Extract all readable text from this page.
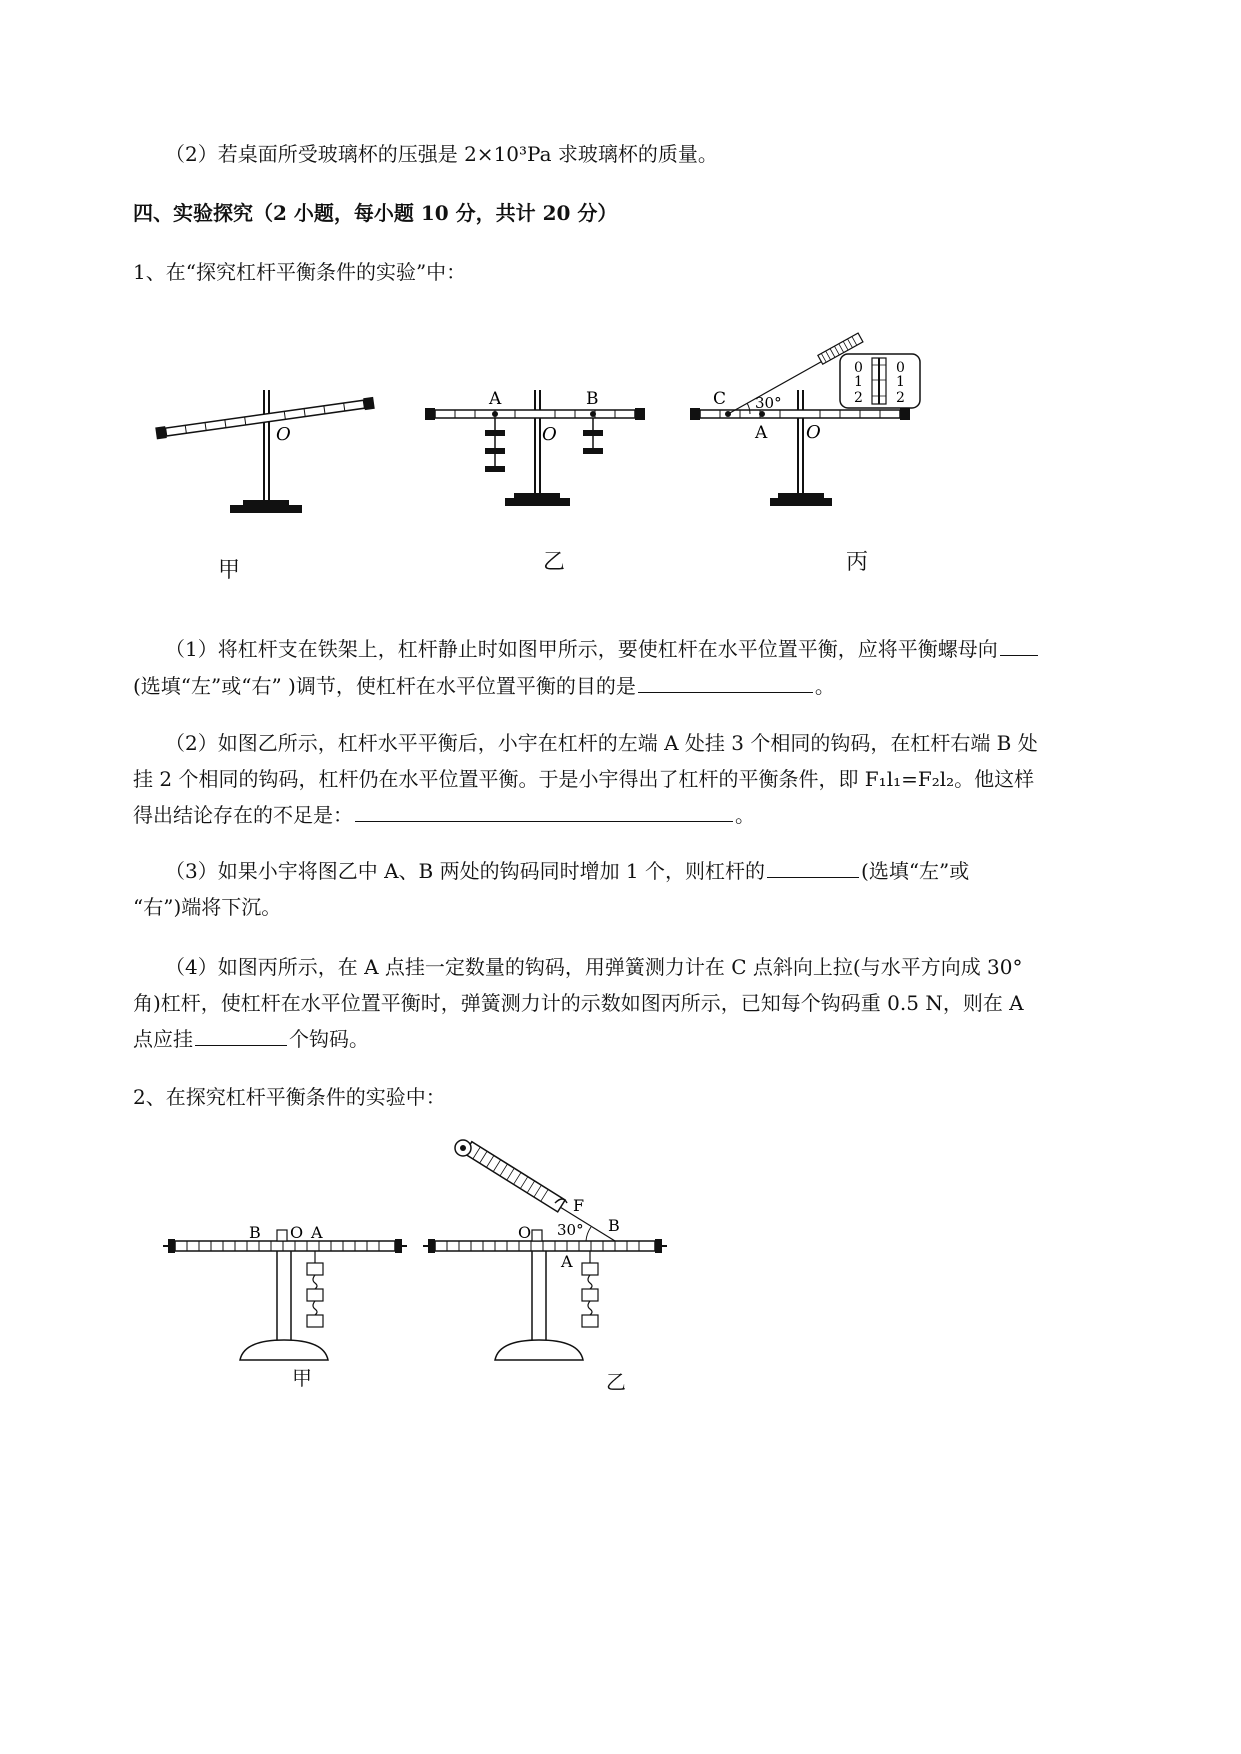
（2）若桌面所受玻璃杯的压强是 2×10³Pa 求玻璃杯的质量。
四、实验探究（2 小题，每小题 10 分，共计 20 分）
1、在“探究杠杆平衡条件的实验”中：
O
A	B
O
0
1
2
0
1
2
C 30°
A O
甲	乙	丙
（1）将杠杆支在铁架上，杠杆静止时如图甲所示，要使杠杆在水平位置平衡，应将平衡螺母向
(选填“左”或“右” )调节，使杠杆在水平位置平衡的目的是	。
（2）如图乙所示，杠杆水平平衡后，小宇在杠杆的左端 A 处挂 3 个相同的钩码，在杠杆右端 B 处
挂 2 个相同的钩码，杠杆仍在水平位置平衡。于是小宇得出了杠杆的平衡条件，即 F₁l₁=F₂l₂。他这样
得出结论存在的不足是：	。
（3）如果小宇将图乙中 A、B 两处的钩码同时增加 1 个，则杠杆的	(选填“左”或
“右”)端将下沉。
（4）如图丙所示，在 A 点挂一定数量的钩码，用弹簧测力计在 C 点斜向上拉(与水平方向成 30°
角)杠杆，使杠杆在水平位置平衡时，弹簧测力计的示数如图丙所示，已知每个钩码重 0.5 N，则在 A
点应挂	个钩码。
2、在探究杠杆平衡条件的实验中：
B O A
F
B
O 30°
A
甲	乙
